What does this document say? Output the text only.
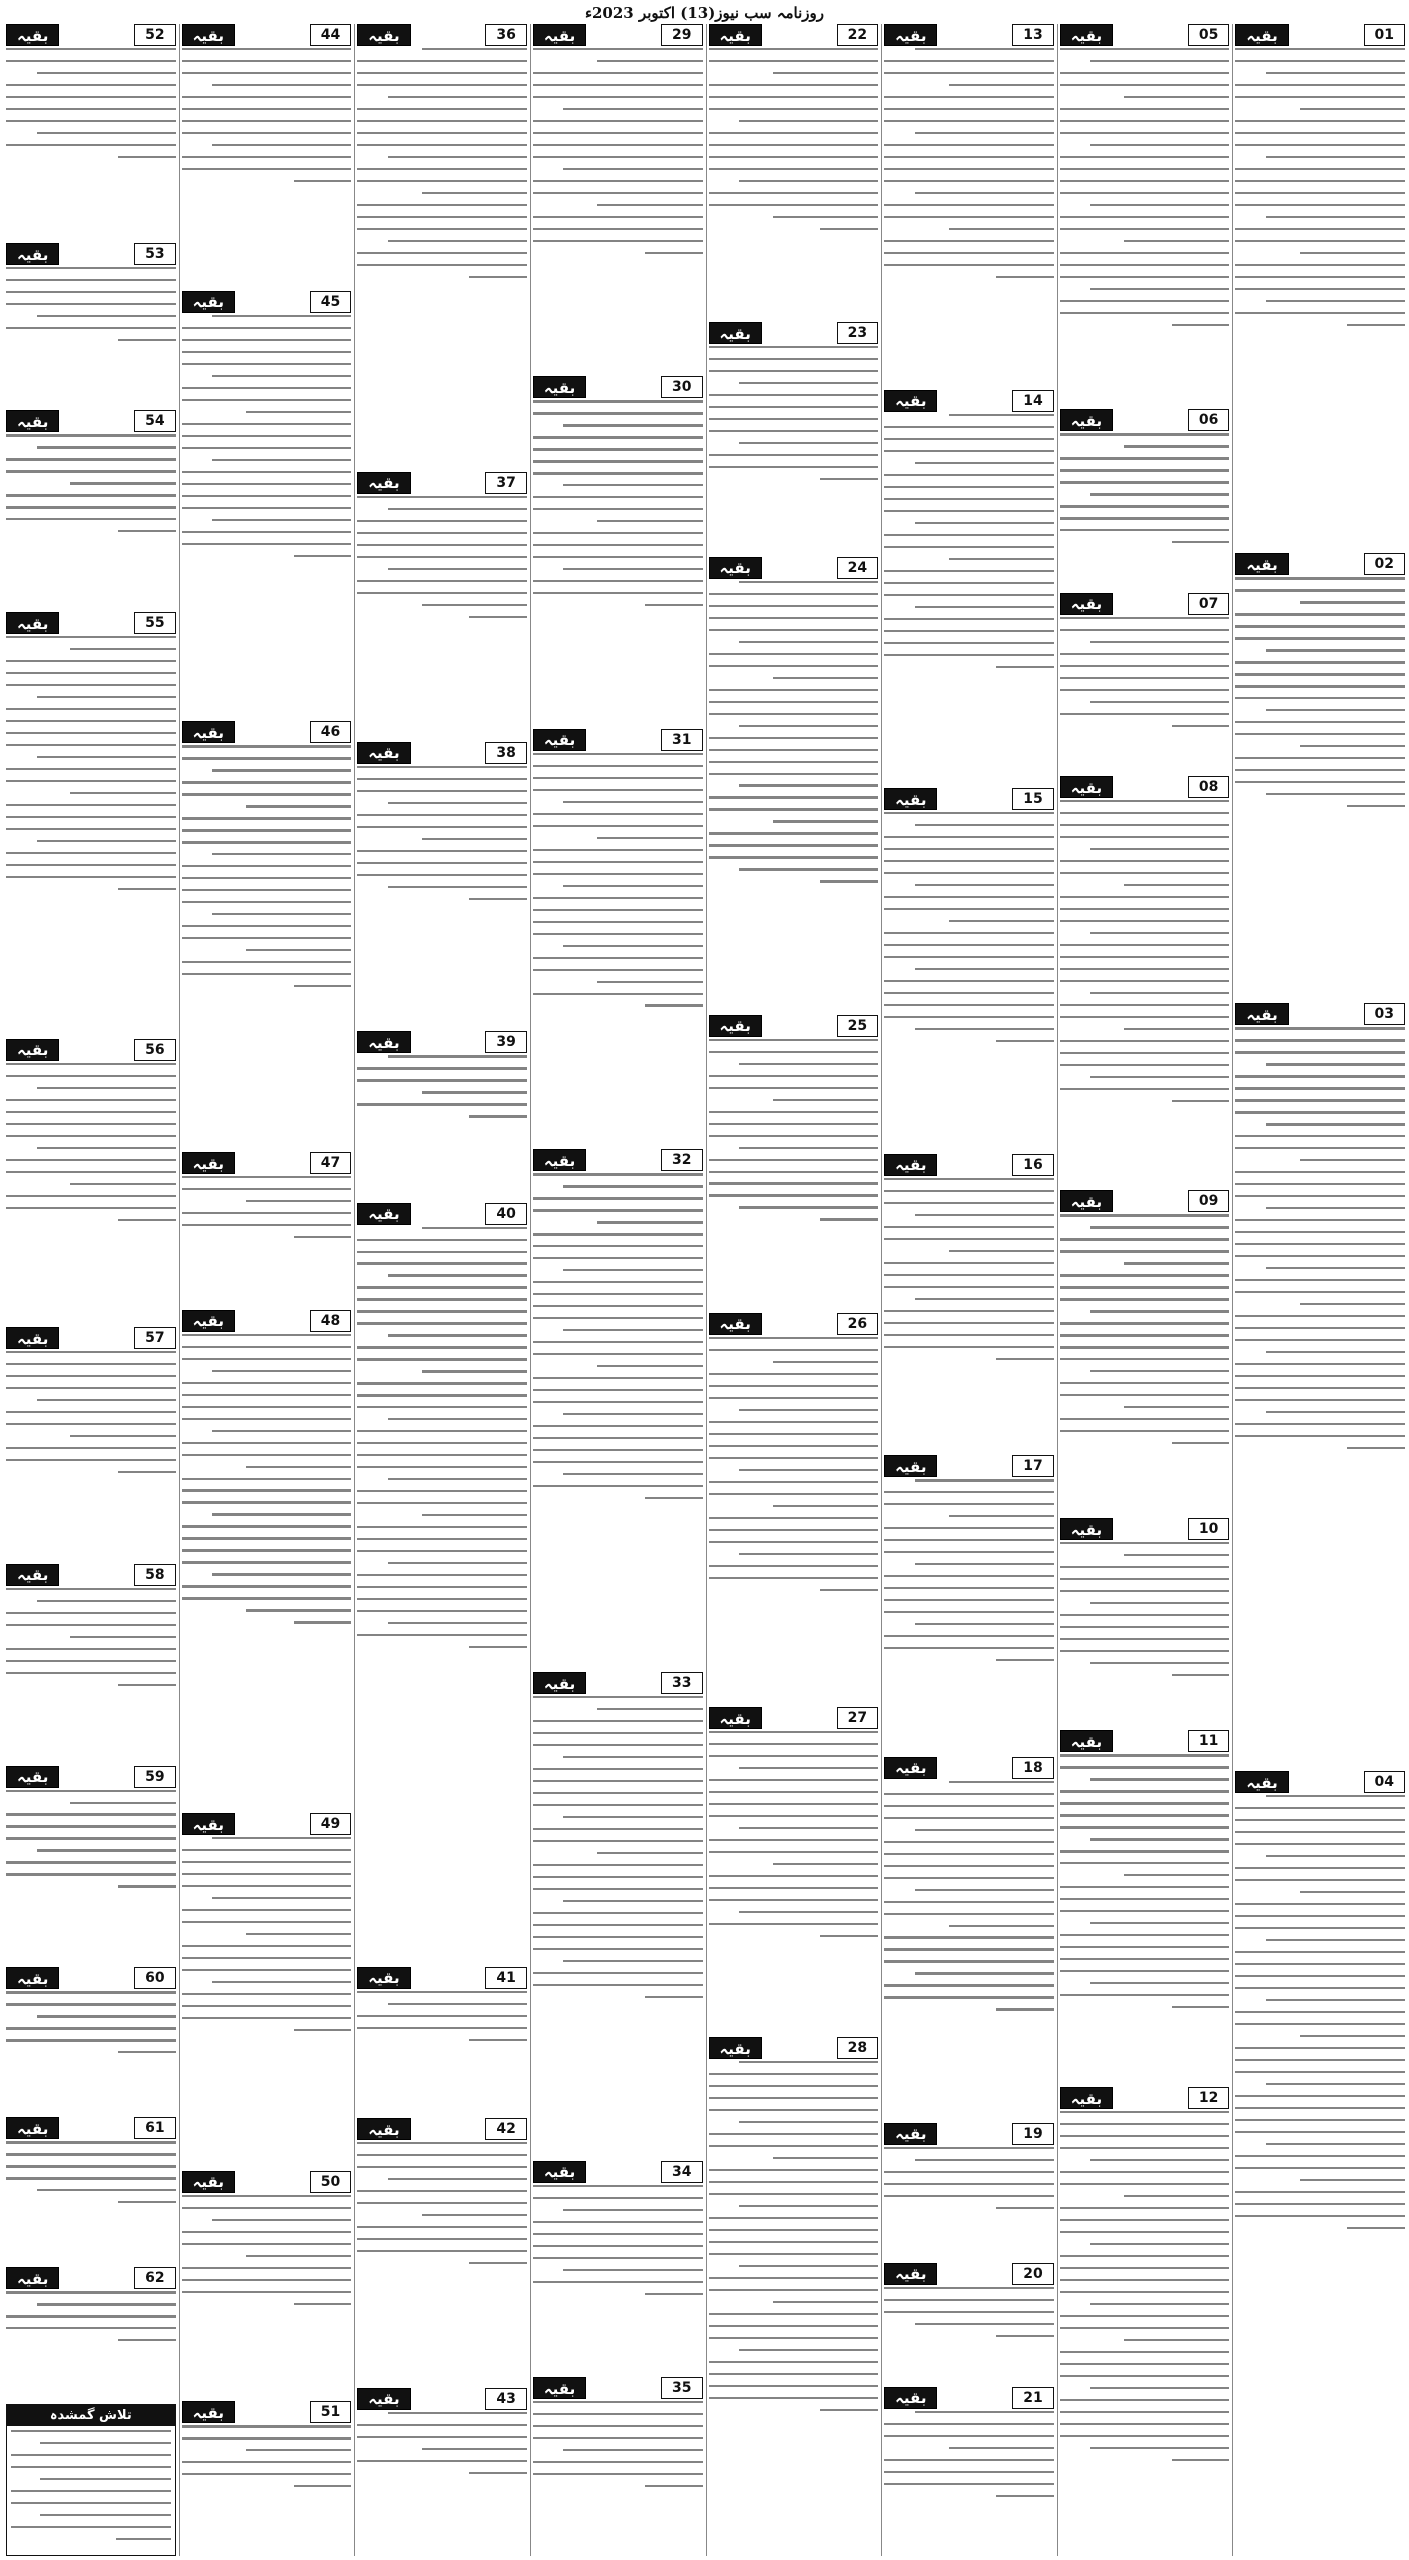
روزنامہ سب نیوز(13) اکتوبر 2023ء
بقیہ	01
بقیہ	02
بقیہ	03
بقیہ	04
بقیہ	05
بقیہ	06
بقیہ	07
بقیہ	08
بقیہ	09
بقیہ	10
بقیہ	11
بقیہ	12
بقیہ	13
بقیہ	14
بقیہ	15
بقیہ	16
بقیہ	17
بقیہ	18
بقیہ	19
بقیہ	20
بقیہ	21
بقیہ	22
بقیہ	23
بقیہ	24
بقیہ	25
بقیہ	26
بقیہ	27
بقیہ	28
بقیہ	29
بقیہ	30
بقیہ	31
بقیہ	32
بقیہ	33
بقیہ	34
بقیہ	35
بقیہ	36
بقیہ	37
بقیہ	38
بقیہ	39
بقیہ	40
بقیہ	41
بقیہ	42
بقیہ	43
بقیہ	44
بقیہ	45
بقیہ	46
بقیہ	47
بقیہ	48
بقیہ	49
بقیہ	50
بقیہ	51
بقیہ	52
بقیہ	53
بقیہ	54
بقیہ	55
بقیہ	56
بقیہ	57
بقیہ	58
بقیہ	59
بقیہ	60
بقیہ	61
بقیہ	62
تلاش گمشدہ
